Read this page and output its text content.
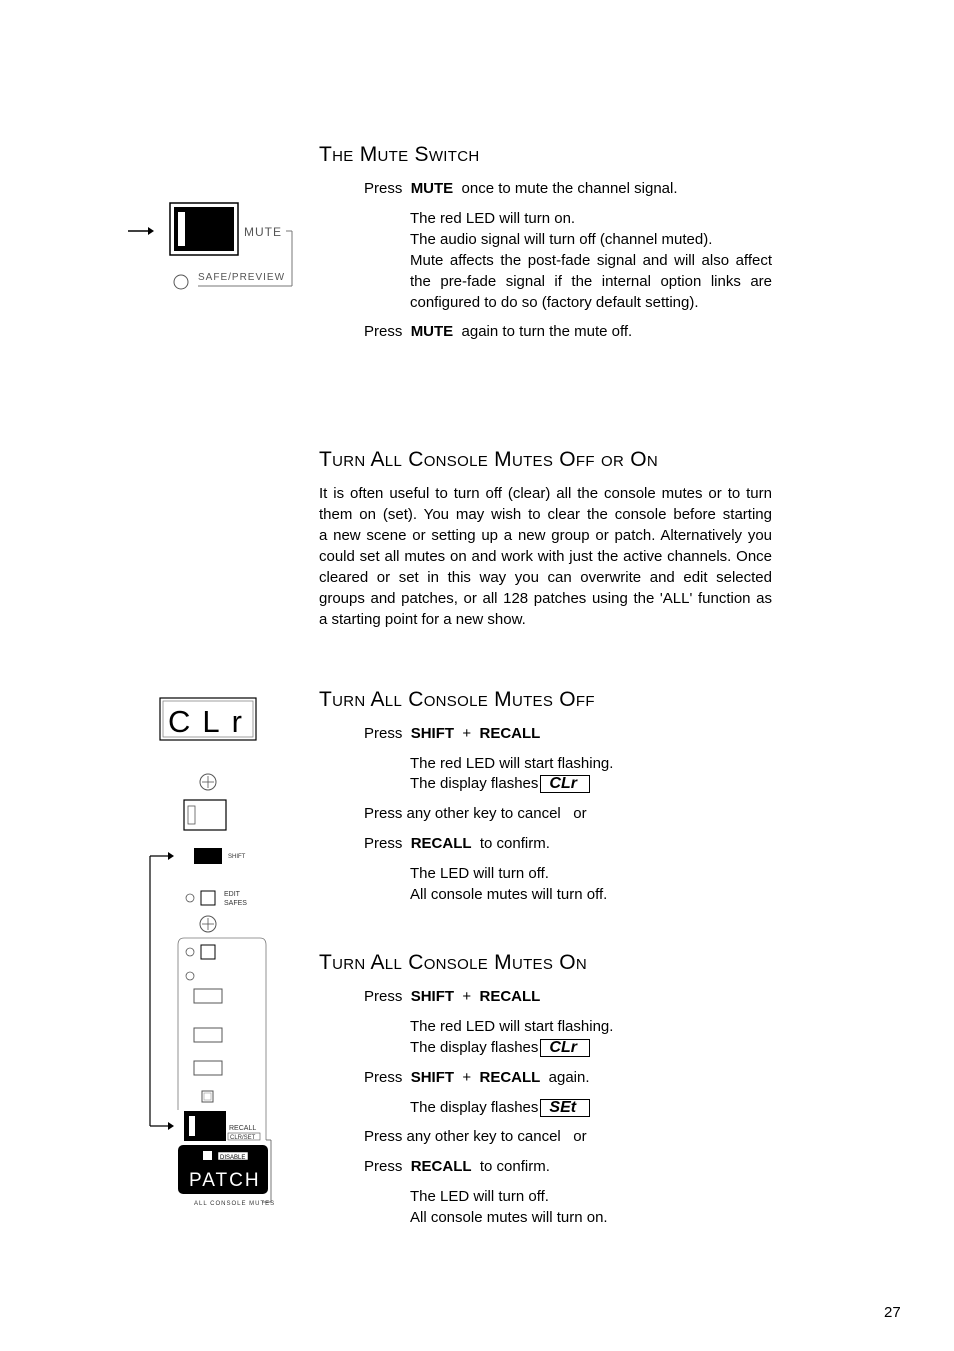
MUTE
SAFE/PREVIEW
CLr
SHIFT
EDIT
SAFES
RECALL
CLR/SET
DISABLE
PATCH
ALL CONSOLE MUTES
The Mute Switch
Press MUTE once to mute the channel signal.
The red LED will turn on.
The audio signal will turn off (channel muted).
Mute affects the post-fade signal and will also affect
the pre-fade signal if the internal option links are
configured to do so (factory default setting).
Press MUTE again to turn the mute off.
Turn All Console Mutes Off or On
It is often useful to turn off (clear) all the console mutes or to turn
them on (set). You may wish to clear the console before starting
a new scene or setting up a new group or patch. Alternatively you
could set all mutes on and work with just the active channels. Once
cleared or set in this way you can overwrite and edit selected
groups and patches, or all 128 patches using the 'ALL' function as
a starting point for a new show.
Turn All Console Mutes Off
Press SHIFT + RECALL
The red LED will start flashing.
The display flashes CLr
Press any other key to cancel or
Press RECALL to confirm.
The LED will turn off.
All console mutes will turn off.
Turn All Console Mutes On
Press SHIFT + RECALL
The red LED will start flashing.
The display flashes CLr
Press SHIFT + RECALL again.
The display flashes SEt
Press any other key to cancel or
Press RECALL to confirm.
The LED will turn off.
All console mutes will turn on.
27
